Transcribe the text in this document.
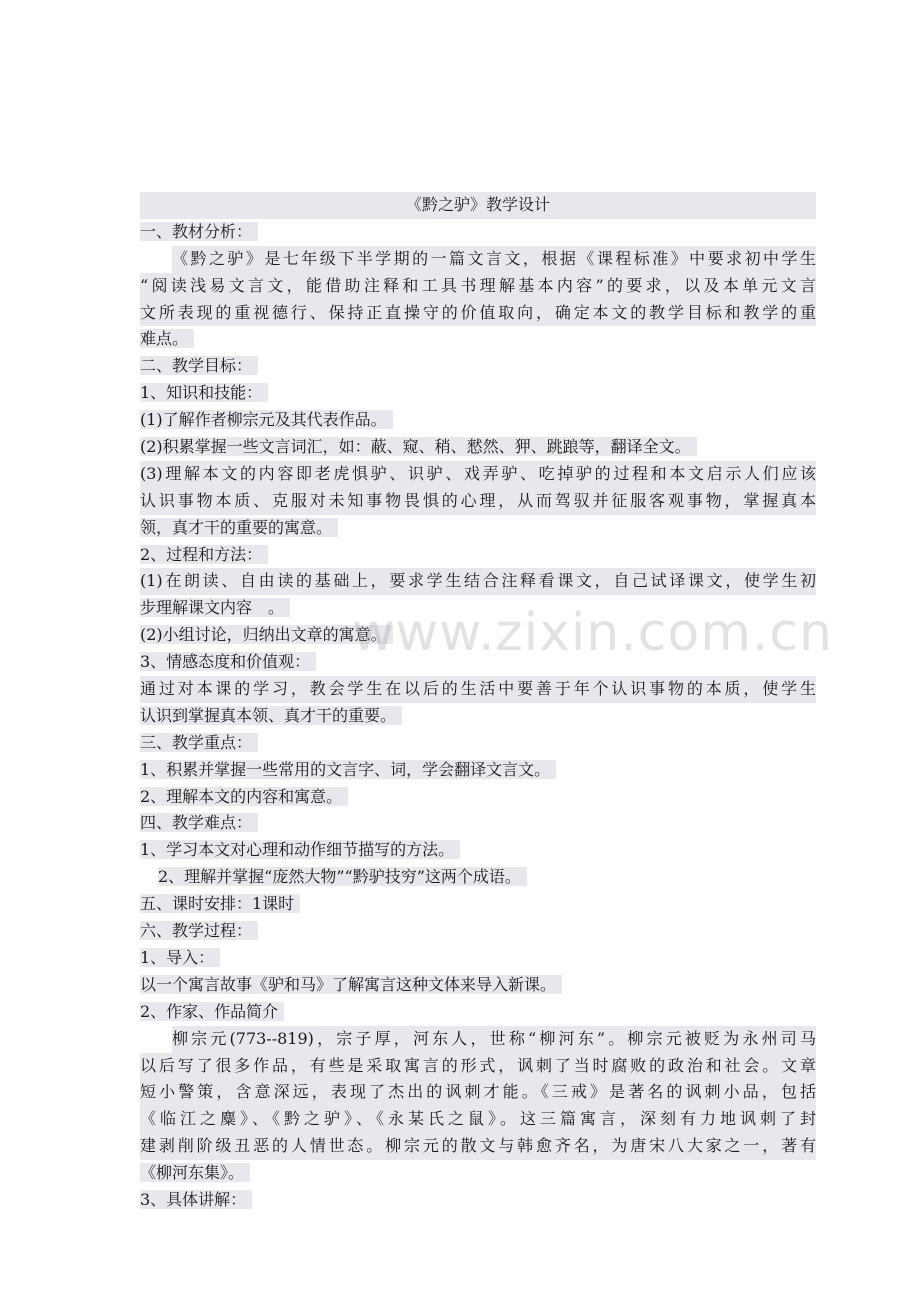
《黔之驴》教学设计
一、教材分析：
《黔之驴》是七年级下半学期的一篇文言文，根据《课程标准》中要求初中学生
“阅读浅易文言文，能借助注释和工具书理解基本内容”的要求，以及本单元文言
文所表现的重视德行、保持正直操守的价值取向，确定本文的教学目标和教学的重
难点。
二、教学目标：
1、知识和技能：
(1)了解作者柳宗元及其代表作品。
(2)积累掌握一些文言词汇，如：蔽、窥、稍、憖然、狎、跳踉等，翻译全文。
(3)理解本文的内容即老虎惧驴、识驴、戏弄驴、吃掉驴的过程和本文启示人们应该
认识事物本质、克服对未知事物畏惧的心理，从而驾驭并征服客观事物，掌握真本
领，真才干的重要的寓意。
2、过程和方法：
(1)在朗读、自由读的基础上，要求学生结合注释看课文，自己试译课文，使学生初
步理解课文内容　。
(2)小组讨论，归纳出文章的寓意。
3、情感态度和价值观：
通过对本课的学习，教会学生在以后的生活中要善于年个认识事物的本质，使学生
认识到掌握真本领、真才干的重要。
三、教学重点：
1、积累并掌握一些常用的文言字、词，学会翻译文言文。
2、理解本文的内容和寓意。
四、教学难点：
1、学习本文对心理和动作细节描写的方法。
2、理解并掌握“庞然大物”“黔驴技穷”这两个成语。
五、课时安排：1课时
六、教学过程：
1、导入：
以一个寓言故事《驴和马》了解寓言这种文体来导入新课。
2、作家、作品简介
柳宗元(773--819)，宗子厚，河东人，世称“柳河东”。柳宗元被贬为永州司马
以后写了很多作品，有些是采取寓言的形式，讽刺了当时腐败的政治和社会。文章
短小警策，含意深远，表现了杰出的讽刺才能。《三戒》是著名的讽刺小品，包括
《临江之麋》、《黔之驴》、《永某氏之鼠》。这三篇寓言，深刻有力地讽刺了封
建剥削阶级丑恶的人情世态。柳宗元的散文与韩愈齐名，为唐宋八大家之一，著有
《柳河东集》。
3、具体讲解：
www.zixin.com.cn
